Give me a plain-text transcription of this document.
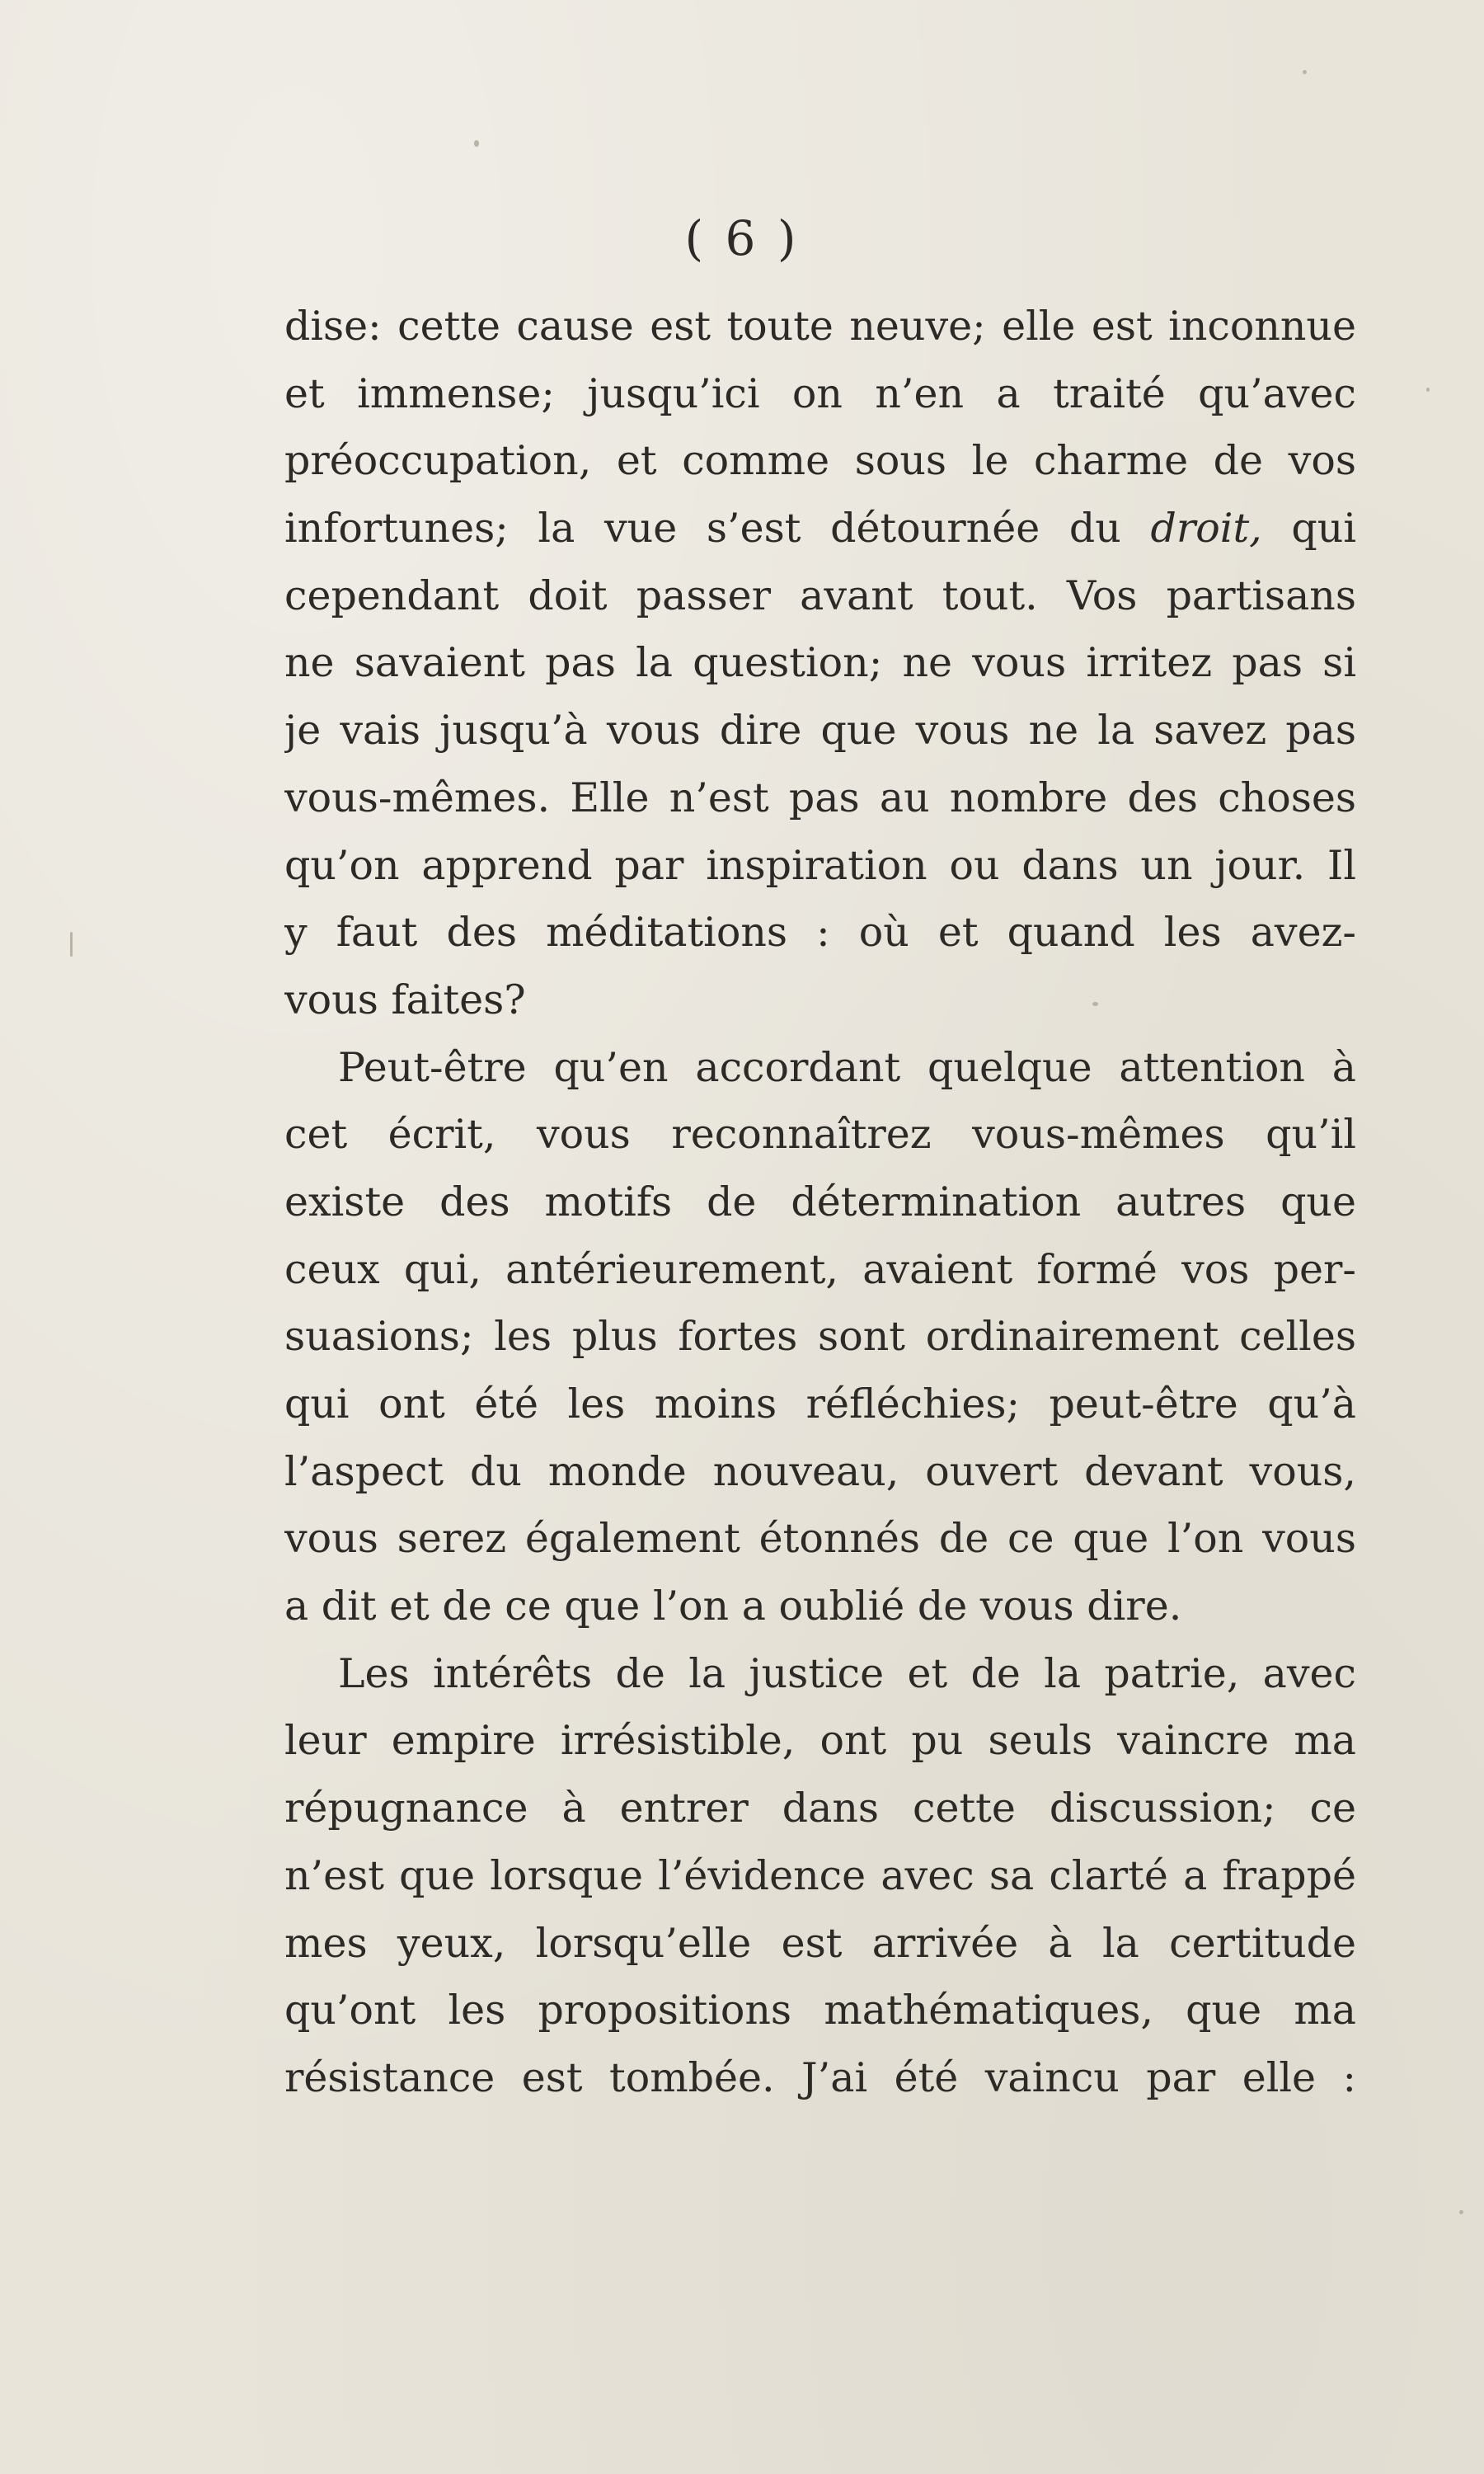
( 6 )
dise: cette cause est toute neuve; elle est inconnue
et immense; jusqu’ici on n’en a traité qu’avec
préoccupation, et comme sous le charme de vos
infortunes; la vue s’est détournée du droit, qui
cependant doit passer avant tout. Vos partisans
ne savaient pas la question; ne vous irritez pas si
je vais jusqu’à vous dire que vous ne la savez pas
vous-mêmes. Elle n’est pas au nombre des choses
qu’on apprend par inspiration ou dans un jour. Il
y faut des méditations : où et quand les avez-
vous faites?
Peut-être qu’en accordant quelque attention à
cet écrit, vous reconnaîtrez vous-mêmes qu’il
existe des motifs de détermination autres que
ceux qui, antérieurement, avaient formé vos per-
suasions; les plus fortes sont ordinairement celles
qui ont été les moins réfléchies; peut-être qu’à
l’aspect du monde nouveau, ouvert devant vous,
vous serez également étonnés de ce que l’on vous
a dit et de ce que l’on a oublié de vous dire.
Les intérêts de la justice et de la patrie, avec
leur empire irrésistible, ont pu seuls vaincre ma
répugnance à entrer dans cette discussion; ce
n’est que lorsque l’évidence avec sa clarté a frappé
mes yeux, lorsqu’elle est arrivée à la certitude
qu’ont les propositions mathématiques, que ma
résistance est tombée. J’ai été vaincu par elle :
